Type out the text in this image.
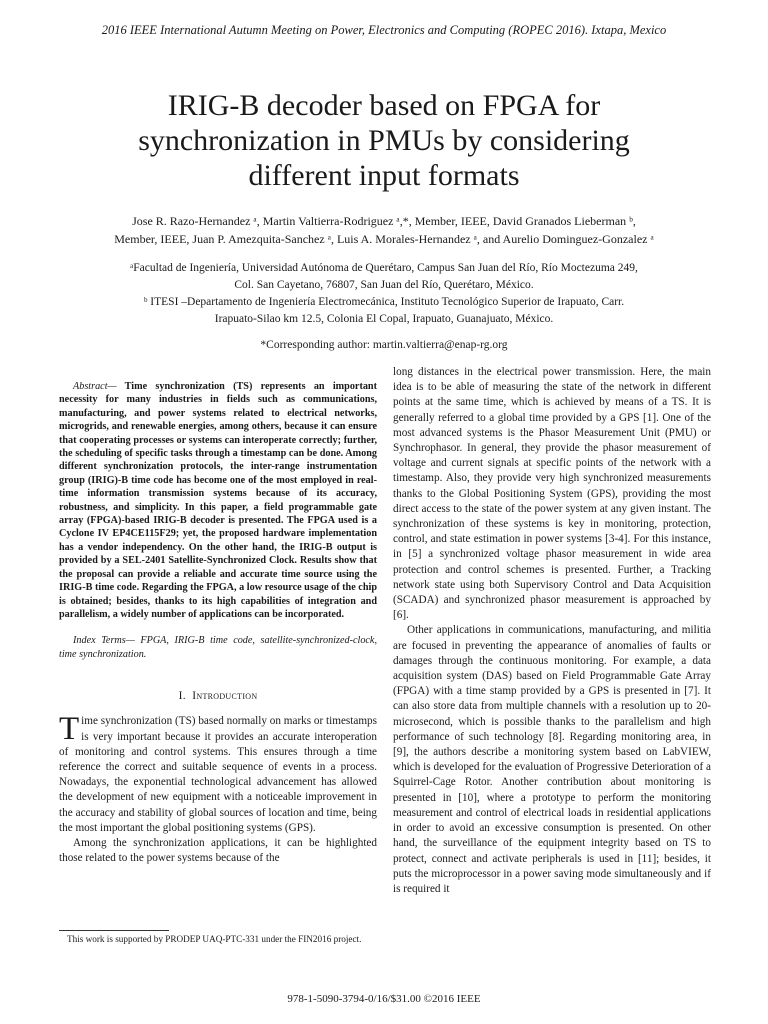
2016 IEEE International Autumn Meeting on Power, Electronics and Computing (ROPEC 2016). Ixtapa, Mexico
IRIG-B decoder based on FPGA for
synchronization in PMUs by considering
different input formats
Jose R. Razo-Hernandez ᵃ, Martin Valtierra-Rodriguez ᵃ,*, Member, IEEE, David Granados Lieberman ᵇ,
Member, IEEE, Juan P. Amezquita-Sanchez ᵃ, Luis A. Morales-Hernandez ᵃ, and Aurelio Dominguez-Gonzalez ᵃ
ᵃFacultad de Ingeniería, Universidad Autónoma de Querétaro, Campus San Juan del Río, Río Moctezuma 249,
Col. San Cayetano, 76807, San Juan del Río, Querétaro, México.
ᵇ ITESI –Departamento de Ingeniería Electromecánica, Instituto Tecnológico Superior de Irapuato, Carr.
Irapuato-Silao km 12.5, Colonia El Copal, Irapuato, Guanajuato, México.
*Corresponding author: martin.valtierra@enap-rg.org

Abstract— Time synchronization (TS) represents an important necessity for many industries in fields such as communications, manufacturing, and power systems related to electrical networks, microgrids, and renewable energies, among others, because it can ensure that cooperating processes or systems can interoperate correctly; further, the scheduling of specific tasks through a timestamp can be done. Among different synchronization protocols, the inter-range instrumentation group (IRIG)-B time code has become one of the most employed in real-time information transmission systems because of its accuracy, robustness, and simplicity. In this paper, a field programmable gate array (FPGA)-based IRIG-B decoder is presented. The FPGA used is a Cyclone IV EP4CE115F29; yet, the proposed hardware implementation has a vendor independency. On the other hand, the IRIG-B output is provided by a SEL-2401 Satellite-Synchronized Clock. Results show that the proposal can provide a reliable and accurate time source using the IRIG-B time code. Regarding the FPGA, a low resource usage of the chip is obtained; besides, thanks to its high capabilities of integration and parallelism, a widely number of applications can be incorporated.

Index Terms— FPGA, IRIG-B time code, satellite-synchronized-clock, time synchronization.

I. Introduction

Time synchronization (TS) based normally on marks or timestamps is very important because it provides an accurate interoperation of monitoring and control systems. This ensures through a time reference the correct and suitable sequence of events in a process. Nowadays, the exponential technological advancement has allowed the development of new equipment with a noticeable improvement in the accuracy and stability of global sources of location and time, being the most important the global positioning systems (GPS).

Among the synchronization applications, it can be highlighted those related to the power systems because of the

This work is supported by PRODEP UAQ-PTC-331 under the FIN2016 project.

long distances in the electrical power transmission. Here, the main idea is to be able of measuring the state of the network in different points at the same time, which is achieved by means of a TS. It is generally referred to a global time provided by a GPS [1]. One of the most advanced systems is the Phasor Measurement Unit (PMU) or Synchrophasor. In general, they provide the phasor measurement of voltage and current signals at specific points of the network with a timestamp. Also, they provide very high synchronized measurements thanks to the Global Positioning System (GPS), providing the most direct access to the state of the power system at any given instant. The synchronization of these systems is key in monitoring, protection, control, and state estimation in power systems [3-4]. For this instance, in [5] a synchronized voltage phasor measurement in wide area protection and control schemes is presented. Further, a Tracking network state using both Supervisory Control and Data Acquisition (SCADA) and synchronized phasor measurement is approached by [6].

Other applications in communications, manufacturing, and militia are focused in preventing the appearance of anomalies of faults or damages through the continuous monitoring. For example, a data acquisition system (DAS) based on Field Programmable Gate Array (FPGA) with a time stamp provided by a GPS is presented in [7]. It can also store data from multiple channels with a resolution up to 20-microsecond, which is possible thanks to the parallelism and high performance of such technology [8]. Regarding monitoring area, in [9], the authors describe a monitoring system based on LabVIEW, which is developed for the evaluation of Progressive Deterioration of a Squirrel-Cage Rotor. Another contribution about monitoring is presented in [10], where a prototype to perform the monitoring measurement and control of electrical loads in residential applications in order to avoid an excessive consumption is presented. On other hand, the surveillance of the equipment integrity based on TS to protect, connect and activate peripherals is used in [11]; besides, it puts the microprocessor in a power saving mode simultaneously and if is required it

978-1-5090-3794-0/16/$31.00 ©2016 IEEE
